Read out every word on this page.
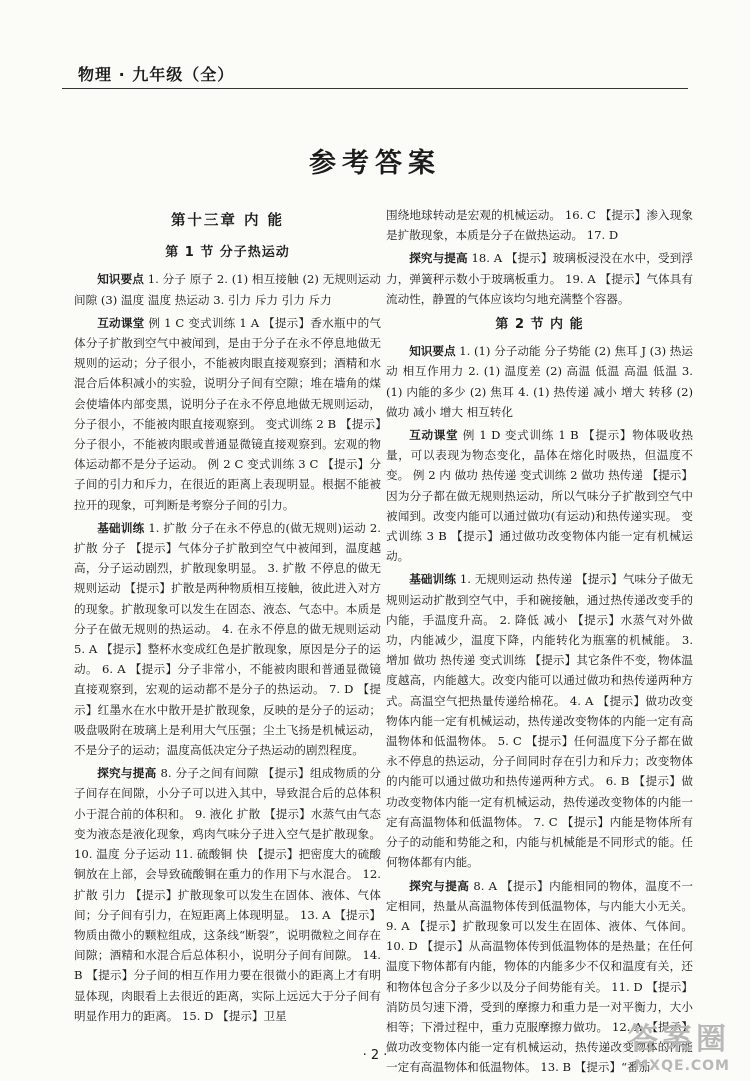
物理 · 九年级（全）
参考答案
第十三章 内 能
第 1 节 分子热运动

知识要点 1. 分子 原子 2. (1) 相互接触 (2) 无规则运动 间隙 (3) 温度 温度 热运动 3. 引力 斥力 引力 斥力

互动课堂 例 1 C 变式训练 1 A 【提示】香水瓶中的气体分子扩散到空气中被闻到，是由于分子在永不停息地做无规则的运动；分子很小，不能被肉眼直接观察到；酒精和水混合后体积减小的实验，说明分子间有空隙；堆在墙角的煤会使墙体内部变黑，说明分子在永不停息地做无规则运动，分子很小，不能被肉眼直接观察到。 变式训练 2 B 【提示】分子很小，不能被肉眼或普通显微镜直接观察到。宏观的物体运动都不是分子运动。 例 2 C 变式训练 3 C 【提示】分子间的引力和斥力，在很近的距离上表现明显。根据不能被拉开的现象，可判断是考察分子间的引力。

基础训练 1. 扩散 分子在永不停息的(做无规则)运动 2. 扩散 分子 【提示】气体分子扩散到空气中被闻到，温度越高，分子运动剧烈，扩散现象明显。 3. 扩散 不停息的做无规则运动 【提示】扩散是两种物质相互接触，彼此进入对方的现象。扩散现象可以发生在固态、液态、气态中。本质是分子在做无规则的热运动。 4. 在永不停息的做无规则运动 5. A 【提示】整杯水变成红色是扩散现象，原因是分子的运动。 6. A 【提示】分子非常小，不能被肉眼和普通显微镜直接观察到，宏观的运动都不是分子的热运动。 7. D 【提示】红墨水在水中散开是扩散现象，反映的是分子的运动；吸盘吸附在玻璃上是利用大气压强；尘土飞扬是机械运动，不是分子的运动；温度高低决定分子热运动的剧烈程度。

探究与提高 8. 分子之间有间隙 【提示】组成物质的分子间存在间隙，小分子可以进入其中，导致混合后的总体积小于混合前的体积和。 9. 液化 扩散 【提示】水蒸气由气态变为液态是液化现象，鸡肉气味分子进入空气是扩散现象。 10. 温度 分子运动 11. 硫酸铜 快 【提示】把密度大的硫酸铜放在上部，会导致硫酸铜在重力的作用下与水混合。 12. 扩散 引力 【提示】扩散现象可以发生在固体、液体、气体间；分子间有引力，在短距离上体现明显。 13. A 【提示】物质由微小的颗粒组成，这条线“断裂”，说明微粒之间存在间隙；酒精和水混合后总体积小，说明分子间有间隙。 14. B 【提示】分子间的相互作用力要在很微小的距离上才有明显体现，肉眼看上去很近的距离，实际上远远大于分子间有明显作用力的距离。 15. D 【提示】卫星

围绕地球转动是宏观的机械运动。 16. C 【提示】渗入现象是扩散现象，本质是分子在做热运动。 17. D

探究与提高 18. A 【提示】玻璃板浸没在水中，受到浮力，弹簧秤示数小于玻璃板重力。 19. A 【提示】气体具有流动性，静置的气体应该均匀地充满整个容器。

第 2 节 内 能

知识要点 1. (1) 分子动能 分子势能 (2) 焦耳 J (3) 热运动 相互作用力 2. (1) 温度差 (2) 高温 低温 高温 低温 3. (1) 内能的多少 (2) 焦耳 4. (1) 热传递 减小 增大 转移 (2) 做功 减小 增大 相互转化

互动课堂 例 1 D 变式训练 1 B 【提示】物体吸收热量，可以表现为物态变化，晶体在熔化时吸热，但温度不变。 例 2 内 做功 热传递 变式训练 2 做功 热传递 【提示】因为分子都在做无规则热运动，所以气味分子扩散到空气中被闻到。改变内能可以通过做功(有运动)和热传递实现。 变式训练 3 B 【提示】通过做功改变物体内能一定有机械运动。

基础训练 1. 无规则运动 热传递 【提示】气味分子做无规则运动扩散到空气中，手和碗接触，通过热传递改变手的内能，手温度升高。 2. 降低 减小 【提示】水蒸气对外做功，内能减少，温度下降，内能转化为瓶塞的机械能。 3. 增加 做功 热传递 变式训练 【提示】其它条件不变，物体温度越高，内能越大。改变内能可以通过做功和热传递两种方式。高温空气把热量传递给棉花。 4. A 【提示】做功改变物体内能一定有机械运动，热传递改变物体的内能一定有高温物体和低温物体。 5. C 【提示】任何温度下分子都在做永不停息的热运动，分子间同时存在引力和斥力；改变物体的内能可以通过做功和热传递两种方式。 6. B 【提示】做功改变物体内能一定有机械运动，热传递改变物体的内能一定有高温物体和低温物体。 7. C 【提示】内能是物体所有分子的动能和势能之和，内能与机械能是不同形式的能。任何物体都有内能。

探究与提高 8. A 【提示】内能相同的物体，温度不一定相同，热量从高温物体传到低温物体，与内能大小无关。 9. A 【提示】扩散现象可以发生在固体、液体、气体间。 10. D 【提示】从高温物体传到低温物体的是热量；在任何温度下物体都有内能，物体的内能多少不仅和温度有关，还和物体包含分子多少以及分子间势能有关。 11. D 【提示】消防员匀速下滑，受到的摩擦力和重力是一对平衡力，大小相等；下滑过程中，重力克服摩擦力做功。 12. A 【提示】做功改变物体内能一定有机械运动，热传递改变物体的内能一定有高温物体和低温物体。 13. B 【提示】“番茄

· 2 ·	答案圈
MXQE.COM
